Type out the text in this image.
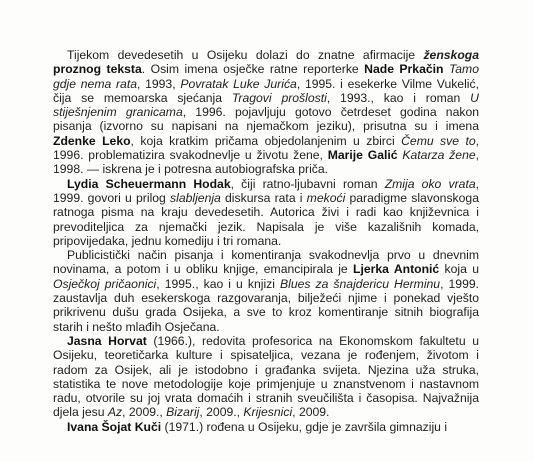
Tijekom devedesetih u Osijeku dolazi do znatne afirmacije ženskoga proznog teksta. Osim imena osječke ratne reporterke Nade Prkačin Tamo gdje nema rata, 1993, Povratak Luke Jurića, 1995. i esekerke Vilme Vukelić, čija se memoarska sjećanja Tragovi prošlosti, 1993., kao i roman U stiješnjenim granicama, 1996. pojavljuju gotovo četrdeset godina nakon pisanja (izvorno su napisani na njemačkom jeziku), prisutna su i imena Zdenke Leko, koja kratkim pričama objedolanjenim u zbirci Čemu sve to, 1996. problematizira svakodnevlje u životu žene, Marije Galić Katarza žene, 1998. — iskrena je i potresna autobiografska priča.

Lydia Scheuermann Hodak, čiji ratno-ljubavni roman Zmija oko vrata, 1999. govori u prilog slabljenja diskursa rata i mekoći paradigme slavonskoga ratnoga pisma na kraju devedesetih. Autorica živi i radi kao književnica i prevoditeljica za njemački jezik. Napisala je više kazališnih komada, pripovijedaka, jednu komediju i tri romana.

Publicistički način pisanja i komentiranja svakodnevlja prvo u dnevnim novinama, a potom i u obliku knjige, emancipirala je Ljerka Antonić koja u Osječkoj pričaonici, 1995., kao i u knjizi Blues za šnajdericu Herminu, 1999. zaustavlja duh esekerskoga razgovaranja, bilježeći njime i ponekad vješto prikrivenu dušu grada Osijeka, a sve to kroz komentiranje sitnih biografija starih i nešto mlađih Osječana.

Jasna Horvat (1966.), redovita profesorica na Ekonomskom fakultetu u Osijeku, teoretičarka kulture i spisateljica, vezana je rođenjem, životom i radom za Osijek, ali je istodobno i građanka svijeta. Njezina uža struka, statistika te nove metodologije koje primjenjuje u znanstvenom i nastavnom radu, otvorile su joj vrata domaćih i stranih sveučilišta i časopisa. Najvažnija djela jesu Az, 2009., Bizarij, 2009., Krijesnici, 2009.

Ivana Šojat Kuči (1971.) rođena u Osijeku, gdje je završila gimnaziju i
